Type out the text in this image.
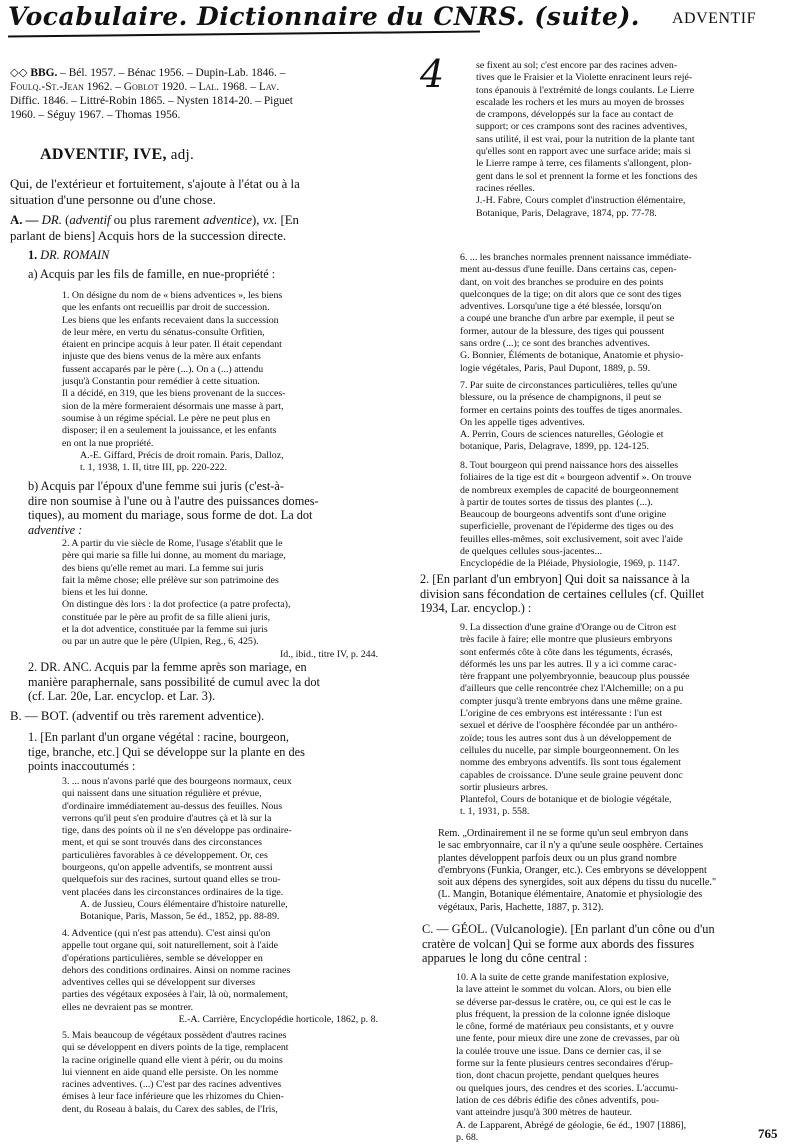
Vocabulaire. Dictionnaire du CNRS. (suite).
4
ADVENTIF
◇◇ BBG. – Bél. 1957. – Bénac 1956. – Dupin-Lab. 1846. –
Foulq.-St.-Jean 1962. – Goblot 1920. – Lal. 1968. – Lav.
Diffic. 1846. – Littré-Robin 1865. – Nysten 1814-20. – Piguet
1960. – Séguy 1967. – Thomas 1956.
ADVENTIF, IVE, adj.
Qui, de l'extérieur et fortuitement, s'ajoute à l'état ou à la
situation d'une personne ou d'une chose.
A. — DR. (adventif ou plus rarement adventice), vx. [En
parlant de biens] Acquis hors de la succession directe.
1. DR. ROMAIN
a) Acquis par les fils de famille, en nue-propriété :
1. On désigne du nom de « biens adventices », les biens
que les enfants ont recueillis par droit de succession.
Les biens que les enfants recevaient dans la succession
de leur mère, en vertu du sénatus-consulte Orfitien,
étaient en principe acquis à leur pater. Il était cependant
injuste que des biens venus de la mère aux enfants
fussent accaparés par le père (...). On a (...) attendu
jusqu'à Constantin pour remédier à cette situation.
Il a décidé, en 319, que les biens provenant de la succes-
sion de la mère formeraient désormais une masse à part,
soumise à un régime spécial. Le père ne peut plus en
disposer; il en a seulement la jouissance, et les enfants
en ont la nue propriété.
A.-E. Giffard, Précis de droit romain. Paris, Dalloz,
t. 1, 1938, 1. II, titre III, pp. 220-222.
b) Acquis par l'époux d'une femme sui juris (c'est-à-
dire non soumise à l'une ou à l'autre des puissances domes-
tiques), au moment du mariage, sous forme de dot. La dot
adventive :
2. A partir du vie siècle de Rome, l'usage s'établit que le
père qui marie sa fille lui donne, au moment du mariage,
des biens qu'elle remet au mari. La femme sui juris
fait la même chose; elle prélève sur son patrimoine des
biens et les lui donne.
On distingue dès lors : la dot profectice (a patre profecta),
constituée par le père au profit de sa fille alieni juris,
et la dot adventice, constituée par la femme sui juris
ou par un autre que le père (Ulpien, Reg., 6, 425).
Id., ibid., titre IV, p. 244.
2. DR. ANC. Acquis par la femme après son mariage, en
manière paraphernale, sans possibilité de cumul avec la dot
(cf. Lar. 20e, Lar. encyclop. et Lar. 3).
B. — BOT. (adventif ou très rarement adventice).
1. [En parlant d'un organe végétal : racine, bourgeon,
tige, branche, etc.] Qui se développe sur la plante en des
points inaccoutumés :
3. ... nous n'avons parlé que des bourgeons normaux, ceux
qui naissent dans une situation régulière et prévue,
d'ordinaire immédiatement au-dessus des feuilles. Nous
verrons qu'il peut s'en produire d'autres çà et là sur la
tige, dans des points où il ne s'en développe pas ordinaire-
ment, et qui se sont trouvés dans des circonstances
particulières favorables à ce développement. Or, ces
bourgeons, qu'on appelle adventifs, se montrent aussi
quelquefois sur des racines, surtout quand elles se trou-
vent placées dans les circonstances ordinaires de la tige.
A. de Jussieu, Cours élémentaire d'histoire naturelle,
Botanique, Paris, Masson, 5e éd., 1852, pp. 88-89.
4. Adventice (qui n'est pas attendu). C'est ainsi qu'on
appelle tout organe qui, soit naturellement, soit à l'aide
d'opérations particulières, semble se développer en
dehors des conditions ordinaires. Ainsi on nomme racines
adventives celles qui se développent sur diverses
parties des végétaux exposées à l'air, là où, normalement,
elles ne devraient pas se montrer.
E.-A. Carrière, Encyclopédie horticole, 1862, p. 8.
5. Mais beaucoup de végétaux possèdent d'autres racines
qui se développent en divers points de la tige, remplacent
la racine originelle quand elle vient à périr, ou du moins
lui viennent en aide quand elle persiste. On les nomme
racines adventives. (...) C'est par des racines adventives
émises à leur face inférieure que les rhizomes du Chien-
dent, du Roseau à balais, du Carex des sables, de l'Iris,
se fixent au sol; c'est encore par des racines adven-
tives que le Fraisier et la Violette enracinent leurs rejé-
tons épanouis à l'extrémité de longs coulants. Le Lierre
escalade les rochers et les murs au moyen de brosses
de crampons, développés sur la face au contact de
support; or ces crampons sont des racines adventives,
sans utilité, il est vrai, pour la nutrition de la plante tant
qu'elles sont en rapport avec une surface aride; mais si
le Lierre rampe à terre, ces filaments s'allongent, plon-
gent dans le sol et prennent la forme et les fonctions des
racines réelles.
J.-H. Fabre, Cours complet d'instruction élémentaire,
Botanique, Paris, Delagrave, 1874, pp. 77-78.
6. ... les branches normales prennent naissance immédiate-
ment au-dessus d'une feuille. Dans certains cas, cepen-
dant, on voit des branches se produire en des points
quelconques de la tige; on dit alors que ce sont des tiges
adventives. Lorsqu'une tige a été blessée, lorsqu'on
a coupé une branche d'un arbre par exemple, il peut se
former, autour de la blessure, des tiges qui poussent
sans ordre (...); ce sont des branches adventives.
G. Bonnier, Éléments de botanique, Anatomie et physio-
logie végétales, Paris, Paul Dupont, 1889, p. 59.
7. Par suite de circonstances particulières, telles qu'une
blessure, ou la présence de champignons, il peut se
former en certains points des touffes de tiges anormales.
On les appelle tiges adventives.
A. Perrin, Cours de sciences naturelles, Géologie et
botanique, Paris, Delagrave, 1899, pp. 124-125.
8. Tout bourgeon qui prend naissance hors des aisselles
foliaires de la tige est dit « bourgeon adventif ». On trouve
de nombreux exemples de capacité de bourgeonnement
à partir de toutes sortes de tissus des plantes (...).
Beaucoup de bourgeons adventifs sont d'une origine
superficielle, provenant de l'épiderme des tiges ou des
feuilles elles-mêmes, soit exclusivement, soit avec l'aide
de quelques cellules sous-jacentes...
Encyclopédie de la Pléiade, Physiologie, 1969, p. 1147.
2. [En parlant d'un embryon] Qui doit sa naissance à la
division sans fécondation de certaines cellules (cf. Quillet
1934, Lar. encyclop.) :
9. La dissection d'une graine d'Orange ou de Citron est
très facile à faire; elle montre que plusieurs embryons
sont enfermés côte à côte dans les téguments, écrasés,
déformés les uns par les autres. Il y a ici comme carac-
tère frappant une polyembryonnie, beaucoup plus poussée
d'ailleurs que celle rencontrée chez l'Alchemille; on a pu
compter jusqu'à trente embryons dans une même graine.
L'origine de ces embryons est intéressante : l'un est
sexuel et dérive de l'oosphère fécondée par un anthéro-
zoïde; tous les autres sont dus à un développement de
cellules du nucelle, par simple bourgeonnement. On les
nomme des embryons adventifs. Ils sont tous également
capables de croissance. D'une seule graine peuvent donc
sortir plusieurs arbres.
Plantefol, Cours de botanique et de biologie végétale,
t. 1, 1931, p. 558.
Rem. „Ordinairement il ne se forme qu'un seul embryon dans
le sac embryonnaire, car il n'y a qu'une seule oosphère. Certaines
plantes développent parfois deux ou un plus grand nombre
d'embryons (Funkia, Oranger, etc.). Ces embryons se développent
soit aux dépens des synergides, soit aux dépens du tissu du nucelle."
(L. Mangin, Botanique élémentaire, Anatomie et physiologie des
végétaux, Paris, Hachette, 1887, p. 312).
C. — GÉOL. (Vulcanologie). [En parlant d'un cône ou d'un
cratère de volcan] Qui se forme aux abords des fissures
apparues le long du cône central :
10. A la suite de cette grande manifestation explosive,
la lave atteint le sommet du volcan. Alors, ou bien elle
se déverse par-dessus le cratère, ou, ce qui est le cas le
plus fréquent, la pression de la colonne ignée disloque
le cône, formé de matériaux peu consistants, et y ouvre
une fente, pour mieux dire une zone de crevasses, par où
la coulée trouve une issue. Dans ce dernier cas, il se
forme sur la fente plusieurs centres secondaires d'érup-
tion, dont chacun projette, pendant quelques heures
ou quelques jours, des cendres et des scories. L'accumu-
lation de ces débris édifie des cônes adventifs, pou-
vant atteindre jusqu'à 300 mètres de hauteur.
A. de Lapparent, Abrégé de géologie, 6e éd., 1907 [1886],
p. 68.	765
